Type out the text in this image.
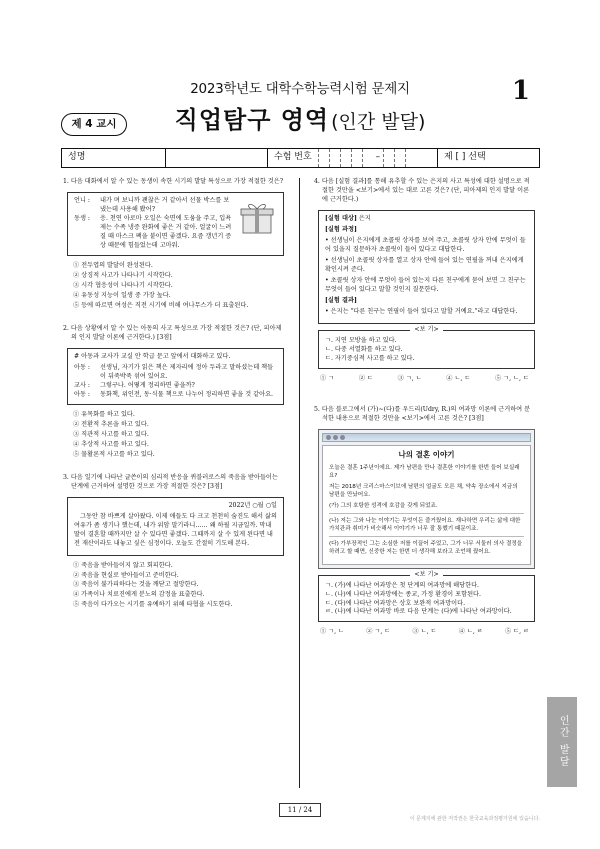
2023학년도 대학수학능력시험 문제지	1
제 4 교시	직업탐구 영역 (인간 발달)
성명	수험 번호	–	제 [ ] 선택
1. 다음 대화에서 알 수 있는 동생이 속한 시기의 발달 특성으로 가장 적절한 것은?
언니 :	내가 며 보니까 괜찮은 거 같아서 선물 박스를 보냈는데 사용해 봤어?
동생 :	응. 천연 아로마 오일은 숙면에 도움을 주고, 입욕제는 수족 냉증 완화에 좋은 거 같아. 얼굴이 느려질 때 마스크 팩을 붙이면 좋겠다. 요즘 갱년기 증상 때문에 힘들었는데 고마워.
① 전두엽의 발달이 완성된다.
② 상징적 사고가 나타나기 시작한다.
③ 시각 협응성이 나타나기 시작한다.
④ 유동성 지능이 일생 중 가장 높다.
⑤ 등에 따르면 여성은 직전 시기에 비해 여나무스가 더 표출된다.
2. 다음 상황에서 알 수 있는 아동의 사고 특성으로 가장 적절한 것은? (단, 피아제의 인지 발달 이론에 근거한다.) [3점]

# 아동과 교사가 교실 안 학급 문고 앞에서 대화하고 있다.

아동 :	선생님, 자기가 읽은 책은 제자리에 정아 두라고 말하셨는데 책들이 뒤죽박죽 섞여 있어요.
교사 :	그렇구나. 어떻게 정리하면 좋을까?
아동 :	동화책, 위인전, 동·식물 책으로 나누어 정리하면 좋을 것 같아요.
① 유목화를 하고 있다.
② 전환적 추론을 하고 있다.
③ 직관적 사고를 하고 있다.
④ 추상적 사고를 하고 있다.
⑤ 물활론적 사고를 하고 있다.
3. 다음 일기에 나타난 글쓴이의 심리적 반응을 퀴블러로스의 죽음을 받아들이는 단계에 근거하여 설명한 것으로 가장 적절한 것은? [3점]
2022년 ○월 ○일

그동안 참 바쁘게 살아왔다. 이제 애들도 다 크고 천천히 숨진도 해서 삶의 여유가 좀 생기나 했는데, 내가 위암 말기라니…… 왜 하필 지금일까. 막내딸이 결혼할 때까지만 살 수 있다면 좋겠다. 그때까지 살 수 있게 된다면 내 전 재산이라도 내놓고 싶은 심정이다. 오늘도 간절히 기도해 본다.

① 죽음을 받아들이지 않고 회피한다.
② 죽음을 현실로 받아들이고 준비한다.
③ 죽음이 불가피하다는 것을 깨닫고 절망한다.
④ 가족이나 치료진에게 분노의 감정을 표출한다.
⑤ 죽음이 다가오는 시기를 유예하기 위해 타협을 시도한다.
4. 다음 [실험 결과]를 통해 유추할 수 있는 은지의 사고 특성에 대한 설명으로 적절한 것만을 <보기>에서 있는 대로 고른 것은? (단, 피아제의 인지 발달 이론에 근거한다.)

[실험 대상] 은지

[실험 과정]

• 선생님이 은지에게 초콜릿 상자를 보여 주고, 초콜릿 상자 안에 무엇이 들어 있을지 질문하자 초콜릿이 들어 있다고 대답한다.

• 선생님이 초콜릿 상자를 열고 상자 안에 들어 있는 연필을 꺼내 은지에게 확인시켜 준다.

• 초콜릿 상자 안에 무엇이 들어 있는지 다른 친구에게 묻어 보면 그 친구는 무엇이 들어 있다고 말할 것인지 질문한다.

[실험 결과]

• 은지는 "다른 친구는 연필이 들어 있다고 말할 거예요."라고 대답한다.

<보 기>

ㄱ. 지연 모방을 하고 있다.

ㄴ. 다중 서열화를 하고 있다.

ㄷ. 자기중심적 사고를 하고 있다.

① ㄱ	② ㄷ	③ ㄱ, ㄴ	④ ㄴ, ㄷ	⑤ ㄱ, ㄴ, ㄷ
5. 다음 블로그에서 (가)~(다)를 우드리(Udry, R.)의 여과망 이론에 근거하여 분석한 내용으로 적절한 것만을 <보기>에서 고른 것은? [3점]
나의 결혼 이야기

오늘은 결혼 1주년이에요. 제가 남편을 만나 결혼한 이야기를 한번 들어 보실래요?

저는 2018년 크리스마스이브에 남편의 얼굴도 모른 채, 약속 장소에서 지금의 남편을 만났어요.

(가) 그의 호탕한 성격에 호감을 갖게 되었죠.

(나) 저는 그와 나눈 이야기는 무엇이든 즐거웠어요. 재나하면 우리는 삶에 대한 가치관과 취미가 비슷해서 이야기가 너무 잘 통했기 때문이죠.

(다) 가부장적인 그는 소심한 저를 이끌어 주었고, 그가 너무 서둘러 의사 결정을 하려고 할 때면, 신중한 저는 한번 더 생각해 보라고 조언해 줬어요.

<보 기>

ㄱ. (가)에 나타난 여과망은 첫 단계의 여과망에 해당한다.

ㄴ. (나)에 나타난 여과망에는 종교, 가정 환경이 포함된다.

ㄷ. (다)에 나타난 여과망은 상호 보완적 여과망이다.

ㄹ. (나)에 나타난 여과망 바로 다음 단계는 (다)에 나타난 여과망이다.

① ㄱ, ㄴ	② ㄱ, ㄷ	③ ㄴ, ㄷ	④ ㄴ, ㄹ	⑤ ㄷ, ㄹ
인간 발달
11 / 24
이 문제지에 관한 저작권은 한국교육과정평가원에 있습니다.
